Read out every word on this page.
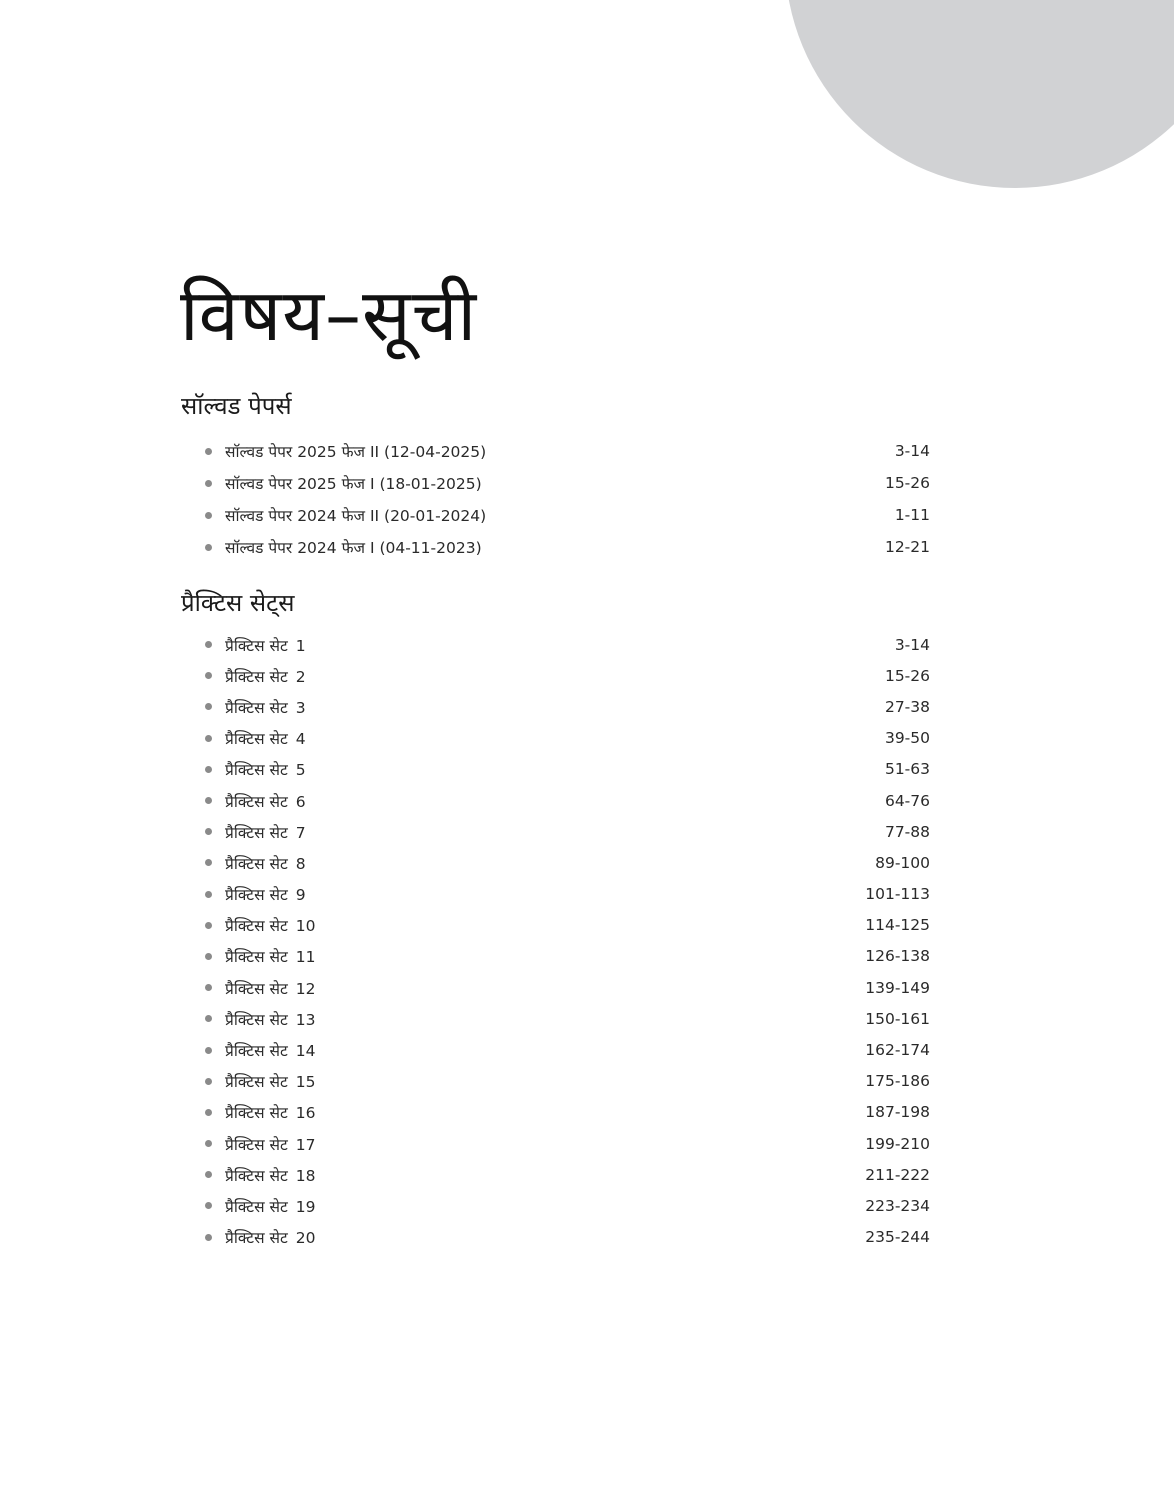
विषय–सूची
सॉल्वड पेपर्स
सॉल्वड पेपर 2025 फेज II (12-04-2025)	3-14
सॉल्वड पेपर 2025 फेज I (18-01-2025)	15-26
सॉल्वड पेपर 2024 फेज II (20-01-2024)	1-11
सॉल्वड पेपर 2024 फेज I (04-11-2023)	12-21
प्रैक्टिस सेट्स
प्रैक्टिस सेट 1	3-14
प्रैक्टिस सेट 2	15-26
प्रैक्टिस सेट 3	27-38
प्रैक्टिस सेट 4	39-50
प्रैक्टिस सेट 5	51-63
प्रैक्टिस सेट 6	64-76
प्रैक्टिस सेट 7	77-88
प्रैक्टिस सेट 8	89-100
प्रैक्टिस सेट 9	101-113
प्रैक्टिस सेट 10	114-125
प्रैक्टिस सेट 11	126-138
प्रैक्टिस सेट 12	139-149
प्रैक्टिस सेट 13	150-161
प्रैक्टिस सेट 14	162-174
प्रैक्टिस सेट 15	175-186
प्रैक्टिस सेट 16	187-198
प्रैक्टिस सेट 17	199-210
प्रैक्टिस सेट 18	211-222
प्रैक्टिस सेट 19	223-234
प्रैक्टिस सेट 20	235-244
